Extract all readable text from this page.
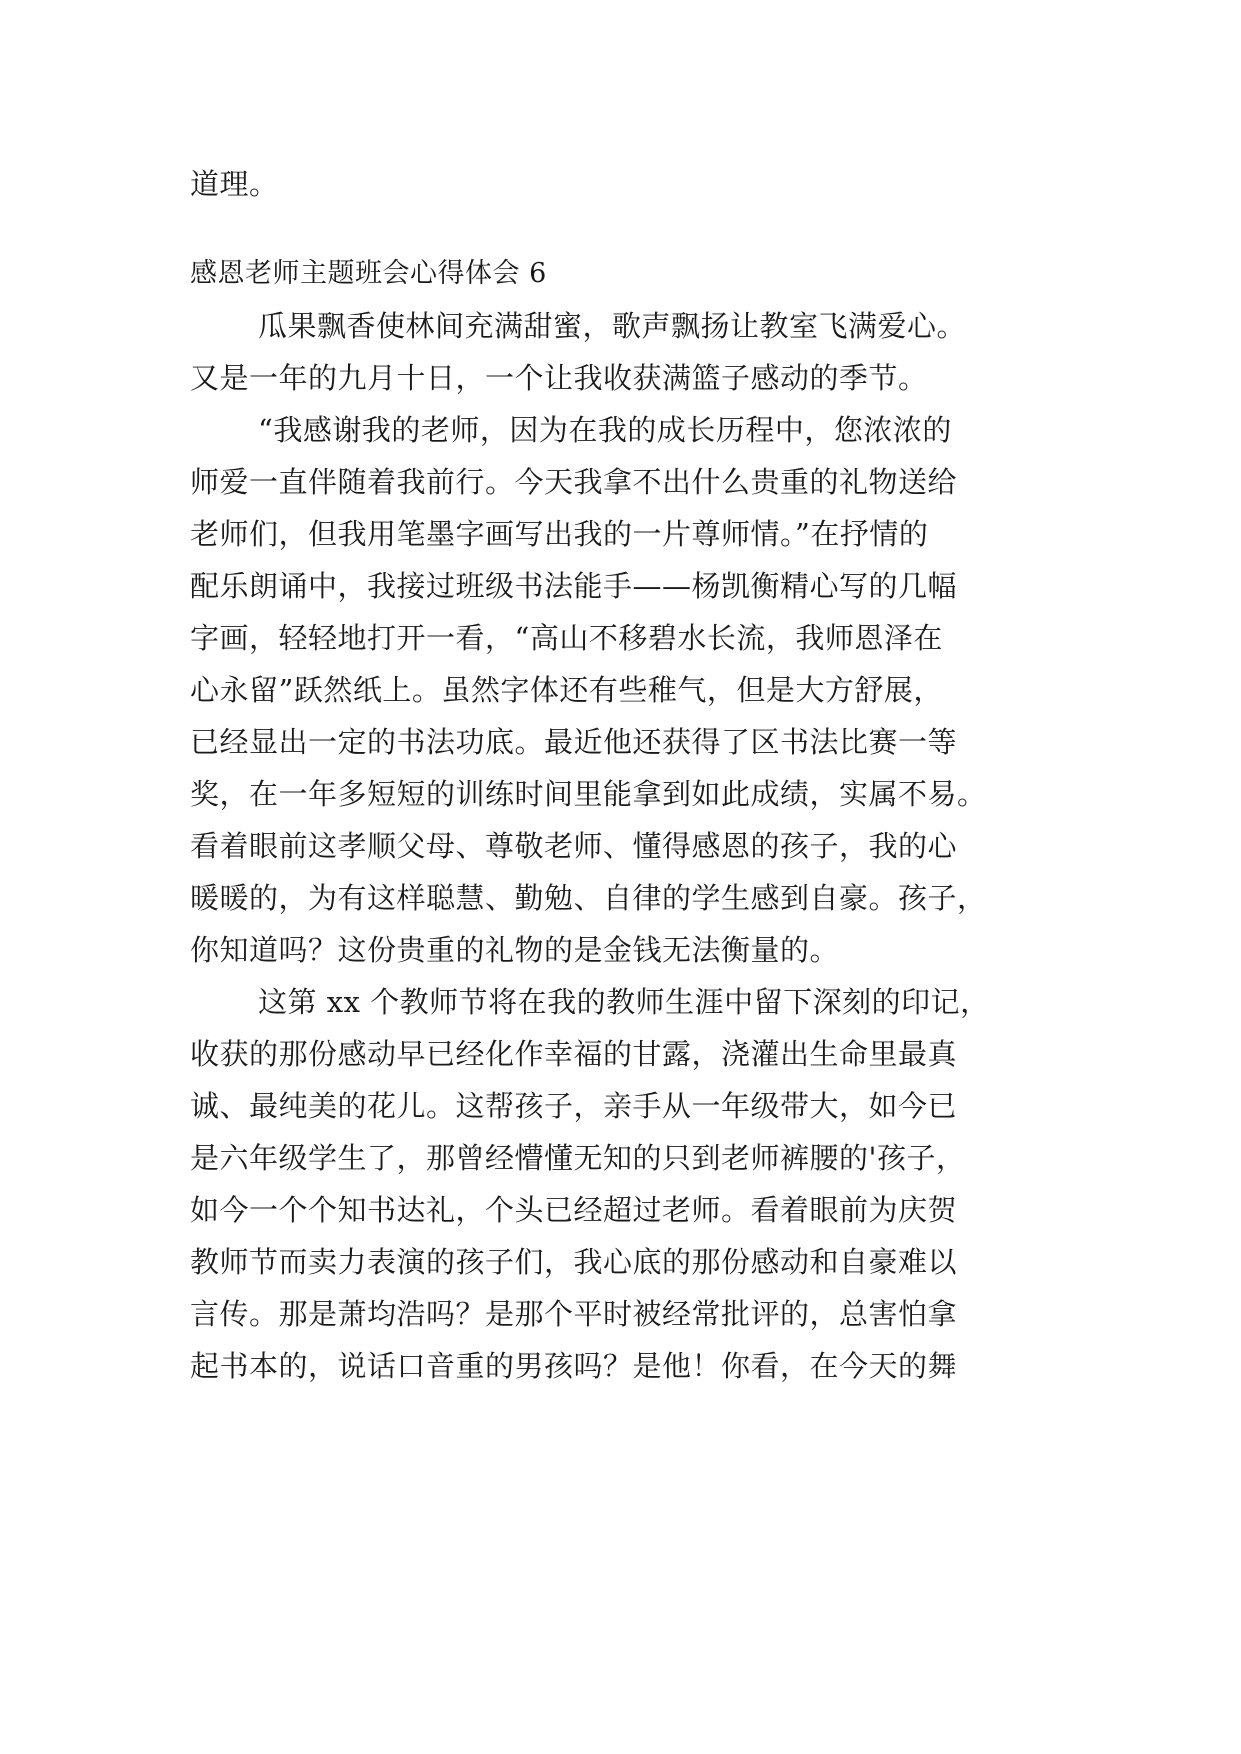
道理。
感恩老师主题班会心得体会 6
瓜果飘香使林间充满甜蜜，歌声飘扬让教室飞满爱心。
又是一年的九月十日，一个让我收获满篮子感动的季节。
“我感谢我的老师，因为在我的成长历程中，您浓浓的
师爱一直伴随着我前行。今天我拿不出什么贵重的礼物送给
老师们，但我用笔墨字画写出我的一片尊师情。”在抒情的
配乐朗诵中，我接过班级书法能手——杨凯衡精心写的几幅
字画，轻轻地打开一看，“高山不移碧水长流，我师恩泽在
心永留”跃然纸上。虽然字体还有些稚气，但是大方舒展，
已经显出一定的书法功底。最近他还获得了区书法比赛一等
奖，在一年多短短的训练时间里能拿到如此成绩，实属不易。
看着眼前这孝顺父母、尊敬老师、懂得感恩的孩子，我的心
暖暖的，为有这样聪慧、勤勉、自律的学生感到自豪。孩子，
你知道吗？这份贵重的礼物的是金钱无法衡量的。
这第 xx 个教师节将在我的教师生涯中留下深刻的印记，
收获的那份感动早已经化作幸福的甘露，浇灌出生命里最真
诚、最纯美的花儿。这帮孩子，亲手从一年级带大，如今已
是六年级学生了，那曾经懵懂无知的只到老师裤腰的'孩子，
如今一个个知书达礼，个头已经超过老师。看着眼前为庆贺
教师节而卖力表演的孩子们，我心底的那份感动和自豪难以
言传。那是萧均浩吗？是那个平时被经常批评的，总害怕拿
起书本的，说话口音重的男孩吗？是他！你看，在今天的舞
